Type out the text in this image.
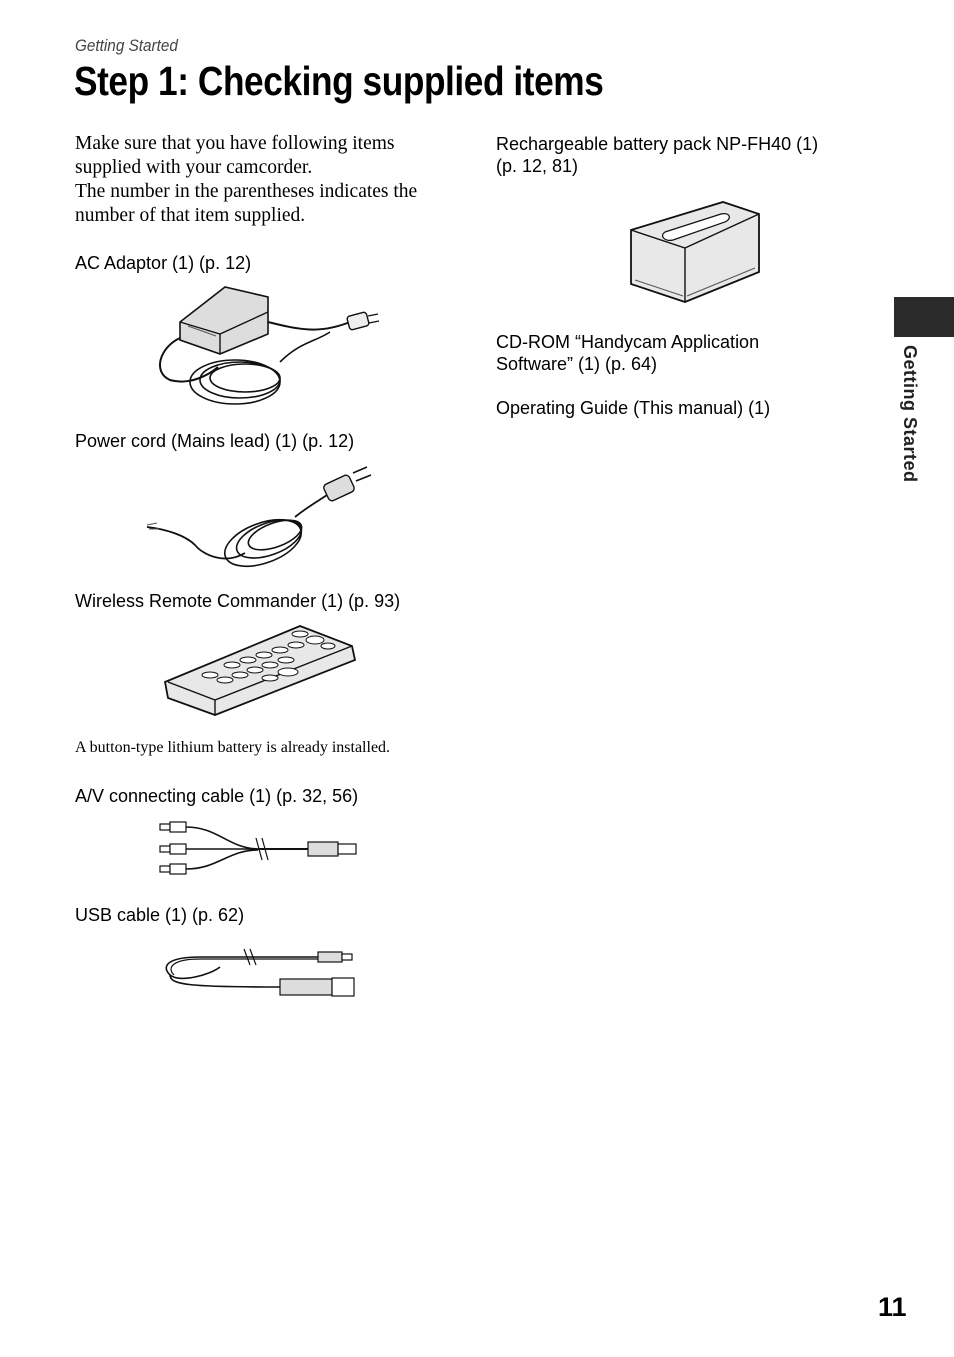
Getting Started
Step 1: Checking supplied items

Make sure that you have following items supplied with your camcorder.

The number in the parentheses indicates the number of that item supplied.

AC Adaptor (1) (p. 12)
Power cord (Mains lead) (1) (p. 12)
Wireless Remote Commander (1) (p. 93)
A button-type lithium battery is already installed.
A/V connecting cable (1) (p. 32, 56)
USB cable (1) (p. 62)
Rechargeable battery pack NP-FH40 (1)
(p. 12, 81)
CD-ROM “Handycam Application
Software” (1) (p. 64)
Operating Guide (This manual) (1)	Getting Started
11
